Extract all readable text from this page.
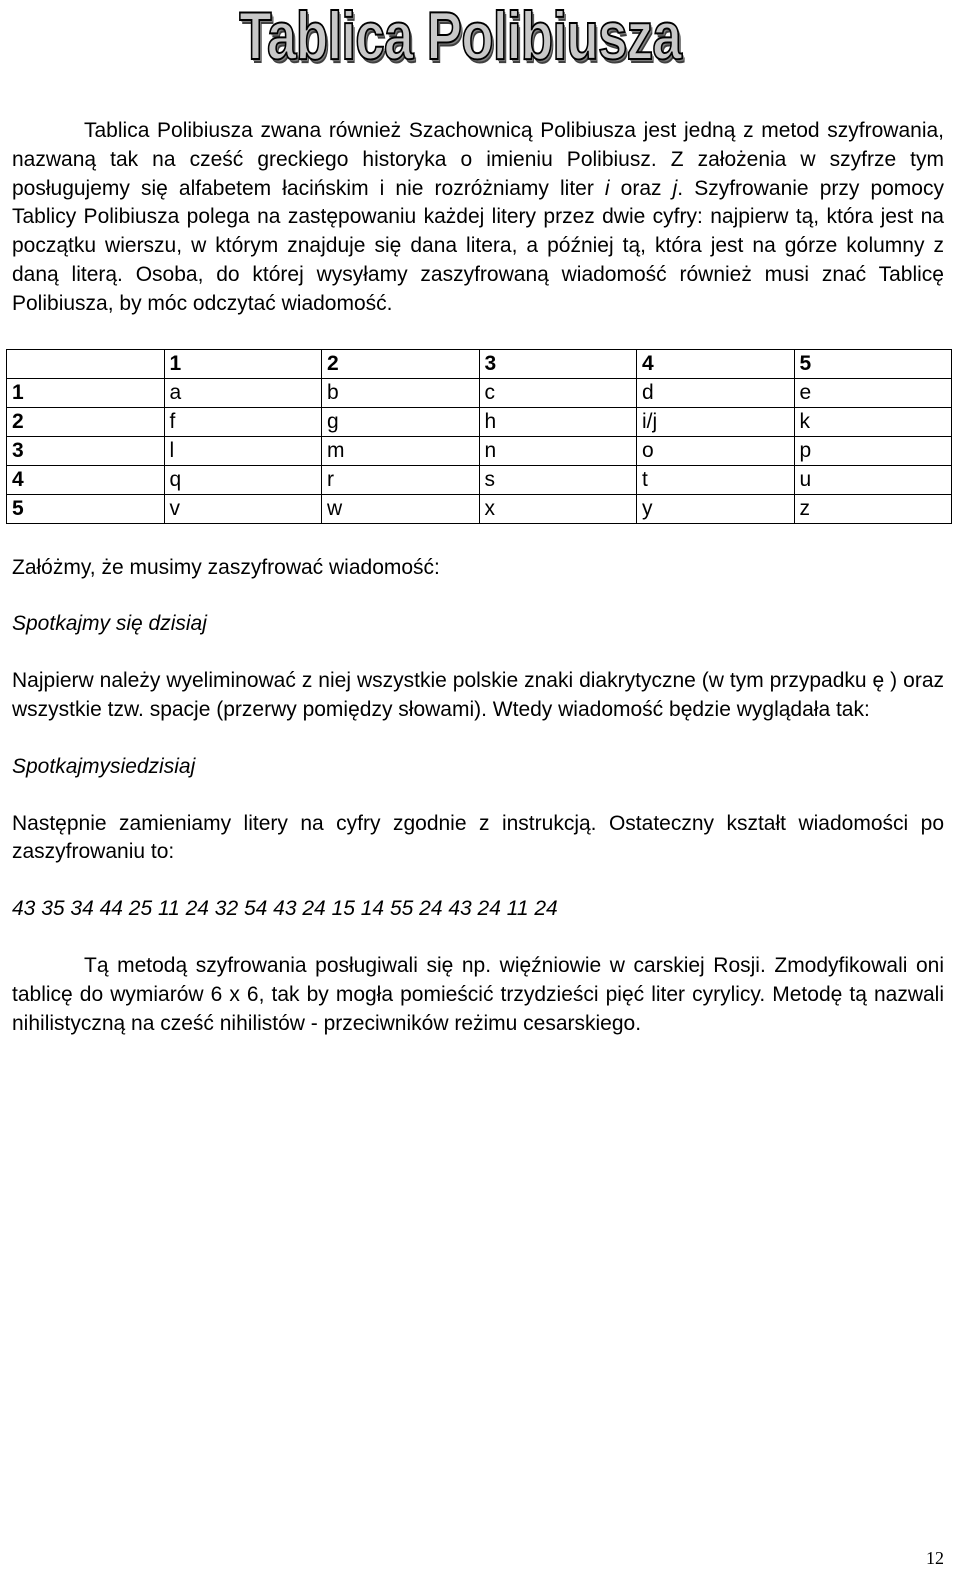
Tablica Polibiusza

Tablica Polibiusza zwana również Szachownicą Polibiusza jest jedną z metod szyfrowania, nazwaną tak na cześć greckiego historyka o imieniu Polibiusz. Z założenia w szyfrze tym posługujemy się alfabetem łacińskim i nie rozróżniamy liter i oraz j. Szyfrowanie przy pomocy Tablicy Polibiusza polega na zastępowaniu każdej litery przez dwie cyfry: najpierw tą, która jest na początku wierszu, w którym znajduje się dana litera, a później tą, która jest na górze kolumny z daną literą. Osoba, do której wysyłamy zaszyfrowaną wiadomość również musi znać Tablicę Polibiusza, by móc odczytać wiadomość.

	1	2	3	4	5
1	a	b	c	d	e
2	f	g	h	i/j	k
3	l	m	n	o	p
4	q	r	s	t	u
5	v	w	x	y	z

Załóżmy, że musimy zaszyfrować wiadomość:

Spotkajmy się dzisiaj

Najpierw należy wyeliminować z niej wszystkie polskie znaki diakrytyczne (w tym przypadku ę ) oraz wszystkie tzw. spacje (przerwy pomiędzy słowami). Wtedy wiadomość będzie wyglądała tak:

Spotkajmysiedzisiaj

Następnie zamieniamy litery na cyfry zgodnie z instrukcją. Ostateczny kształt wiadomości po zaszyfrowaniu to:

43 35 34 44 25 11 24 32 54 43 24 15 14 55 24 43 24 11 24

Tą metodą szyfrowania posługiwali się np. więźniowie w carskiej Rosji. Zmodyfikowali oni tablicę do wymiarów 6 x 6, tak by mogła pomieścić trzydzieści pięć liter cyrylicy. Metodę tą nazwali nihilistyczną na cześć nihilistów - przeciwników reżimu cesarskiego.

12
